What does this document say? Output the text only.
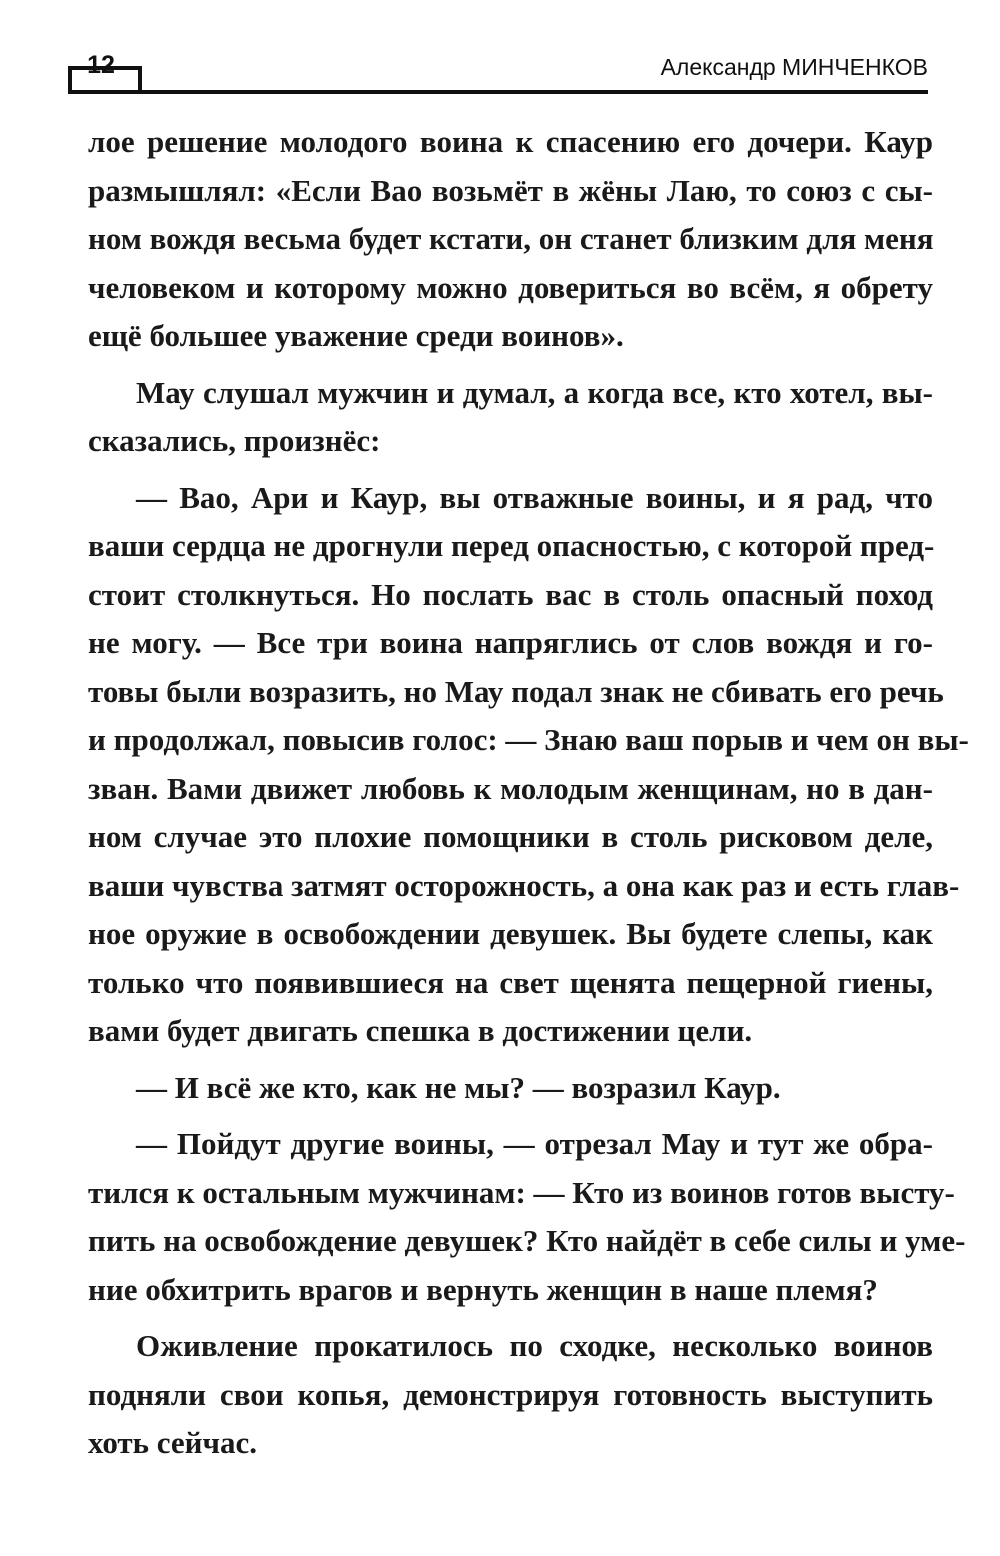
12	Александр МИНЧЕНКОВ
лое решение молодого воина к спасению его дочери. Каур
размышлял: «Если Вао возьмёт в жёны Лаю, то союз с сы-
ном вождя весьма будет кстати, он станет близким для меня
человеком и которому можно довериться во всём, я обрету
ещё большее уважение среди воинов».
Мау слушал мужчин и думал, а когда все, кто хотел, вы-
сказались, произнёс:
— Вао, Ари и Каур, вы отважные воины, и я рад, что
ваши сердца не дрогнули перед опасностью, с которой пред-
стоит столкнуться. Но послать вас в столь опасный поход
не могу. — Все три воина напряглись от слов вождя и го-
товы были возразить, но Мау подал знак не сбивать его речь
и продолжал, повысив голос: — Знаю ваш порыв и чем он вы-
зван. Вами движет любовь к молодым женщинам, но в дан-
ном случае это плохие помощники в столь рисковом деле,
ваши чувства затмят осторожность, а она как раз и есть глав-
ное оружие в освобождении девушек. Вы будете слепы, как
только что появившиеся на свет щенята пещерной гиены,
вами будет двигать спешка в достижении цели.
— И всё же кто, как не мы? — возразил Каур.
— Пойдут другие воины, — отрезал Мау и тут же обра-
тился к остальным мужчинам: — Кто из воинов готов высту-
пить на освобождение девушек? Кто найдёт в себе силы и уме-
ние обхитрить врагов и вернуть женщин в наше племя?
Оживление прокатилось по сходке, несколько воинов
подняли свои копья, демонстрируя готовность выступить
хоть сейчас.
